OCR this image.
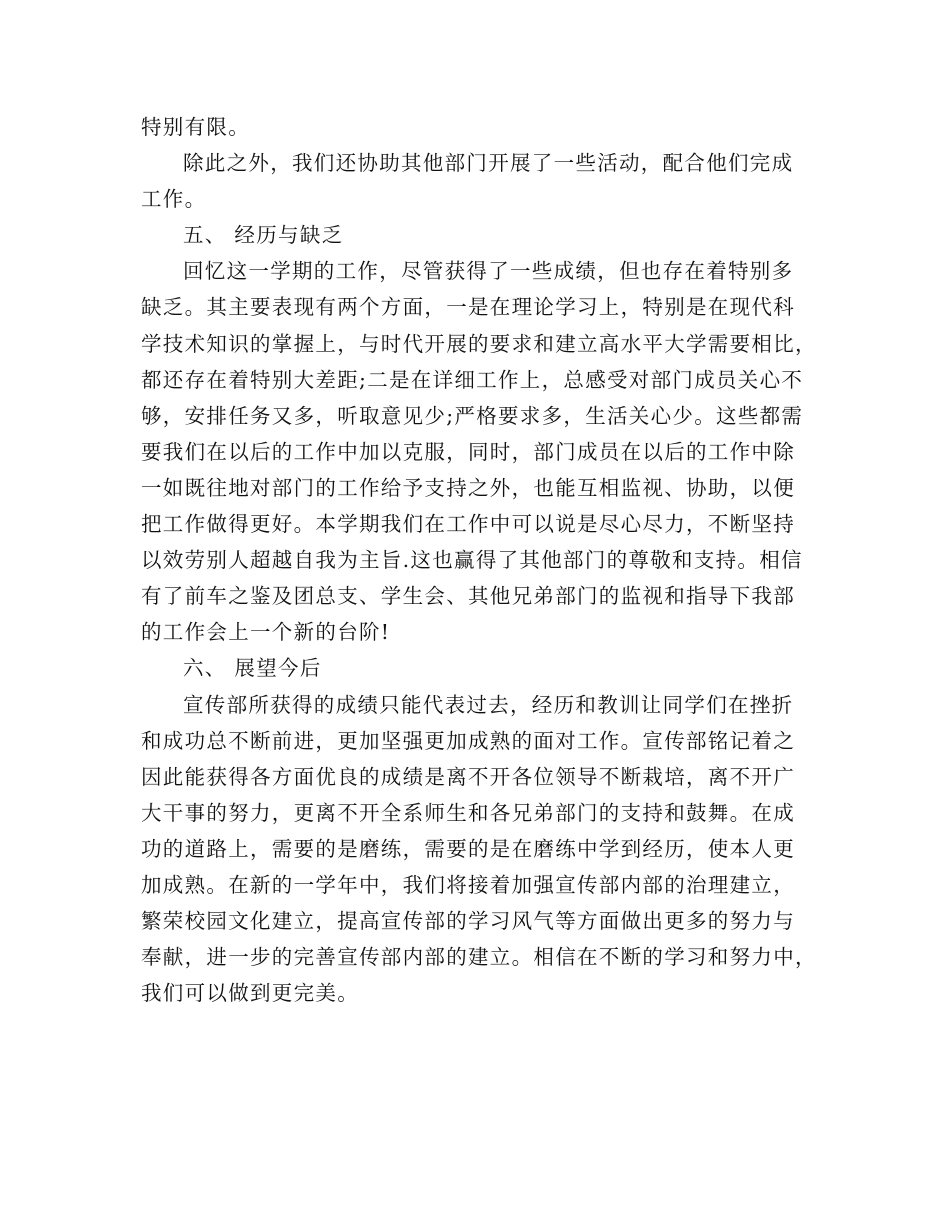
特别有限。
除此之外，我们还协助其他部门开展了一些活动，配合他们完成
工作。
五、 经历与缺乏
回忆这一学期的工作，尽管获得了一些成绩，但也存在着特别多
缺乏。其主要表现有两个方面，一是在理论学习上，特别是在现代科
学技术知识的掌握上，与时代开展的要求和建立高水平大学需要相比，
都还存在着特别大差距;二是在详细工作上，总感受对部门成员关心不
够，安排任务又多，听取意见少;严格要求多，生活关心少。这些都需
要我们在以后的工作中加以克服，同时，部门成员在以后的工作中除
一如既往地对部门的工作给予支持之外，也能互相监视、协助，以便
把工作做得更好。本学期我们在工作中可以说是尽心尽力，不断坚持
以效劳别人超越自我为主旨.这也赢得了其他部门的尊敬和支持。相信
有了前车之鉴及团总支、学生会、其他兄弟部门的监视和指导下我部
的工作会上一个新的台阶!
六、 展望今后
宣传部所获得的成绩只能代表过去，经历和教训让同学们在挫折
和成功总不断前进，更加坚强更加成熟的面对工作。宣传部铭记着之
因此能获得各方面优良的成绩是离不开各位领导不断栽培，离不开广
大干事的努力，更离不开全系师生和各兄弟部门的支持和鼓舞。在成
功的道路上，需要的是磨练，需要的是在磨练中学到经历，使本人更
加成熟。在新的一学年中，我们将接着加强宣传部内部的治理建立，
繁荣校园文化建立，提高宣传部的学习风气等方面做出更多的努力与
奉献，进一步的完善宣传部内部的建立。相信在不断的学习和努力中，
我们可以做到更完美。
